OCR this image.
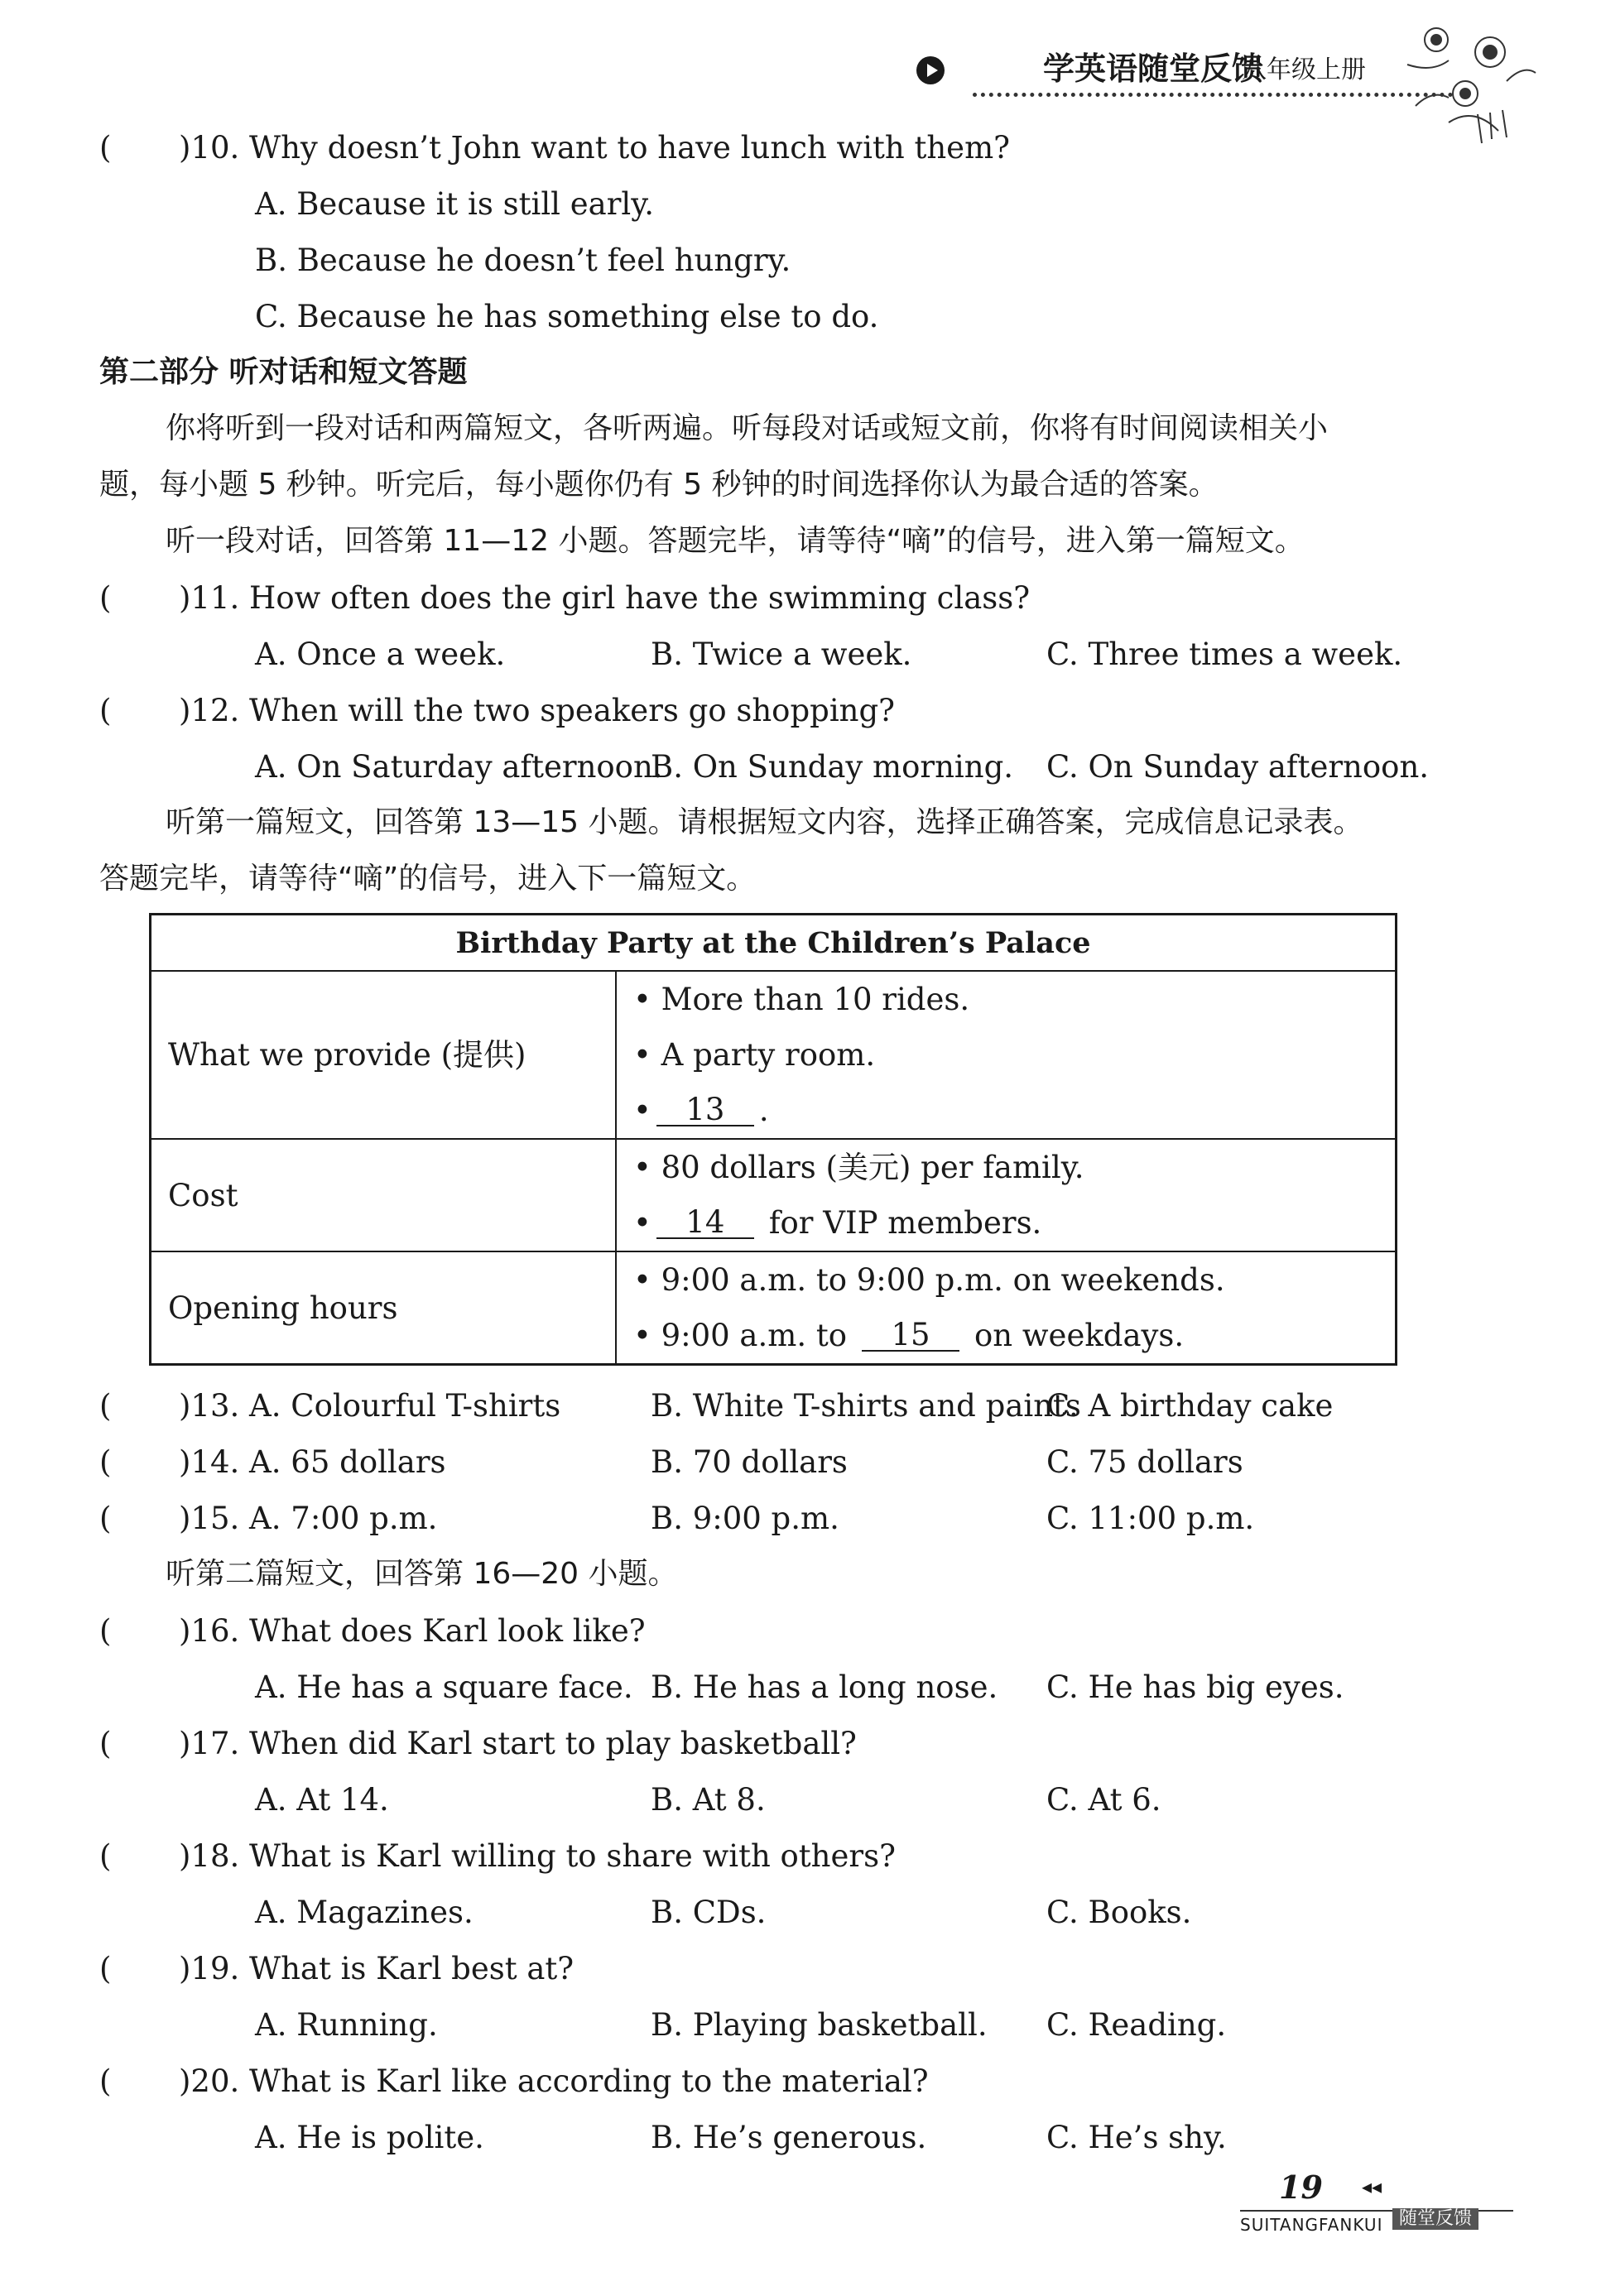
学英语随堂反馈
八年级上册
( )10. Why doesn’t John want to have lunch with them?
A. Because it is still early.
B. Because he doesn’t feel hungry.
C. Because he has something else to do.
第二部分 听对话和短文答题
你将听到一段对话和两篇短文，各听两遍。听每段对话或短文前，你将有时间阅读相关小
题，每小题 5 秒钟。听完后，每小题你仍有 5 秒钟的时间选择你认为最合适的答案。
听一段对话，回答第 11—12 小题。答题完毕，请等待“嘀”的信号，进入第一篇短文。
( )11. How often does the girl have the swimming class?
A. Once a week.	B. Twice a week.	C. Three times a week.
( )12. When will the two speakers go shopping?
A. On Saturday afternoon.
B. On Sunday morning. C. On Sunday afternoon.
听第一篇短文，回答第 13—15 小题。请根据短文内容，选择正确答案，完成信息记录表。
答题完毕，请等待“嘀”的信号，进入下一篇短文。
Birthday Party at the Children’s Palace	
What we provide (提供)	• More than 10 rides.
• A party room.
• 13 .

Cost	• 80 dollars (美元) per family.
• 14 for VIP members.

Opening hours	• 9:00 a.m. to 9:00 p.m. on weekends.
• 9:00 a.m. to 15 on weekdays.
( )13. A. Colourful T-shirts	B. White T-shirts and paints
C. A birthday cake
( )14. A. 65 dollars	B. 70 dollars	C. 75 dollars
( )15. A. 7:00 p.m.	B. 9:00 p.m.	C. 11:00 p.m.
听第二篇短文，回答第 16—20 小题。
( )16. What does Karl look like?
A. He has a square face. B. He has a long nose. C. He has big eyes.
( )17. When did Karl start to play basketball?
A. At 14.	B. At 8.	C. At 6.
( )18. What is Karl willing to share with others?
A. Magazines.	B. CDs.	C. Books.
( )19. What is Karl best at?
A. Running.	B. Playing basketball. C. Reading.
( )20. What is Karl like according to the material?
A. He is polite.	B. He’s generous.	C. He’s shy.
19 ◂◂
SUITANGFANKUI 随堂反馈
